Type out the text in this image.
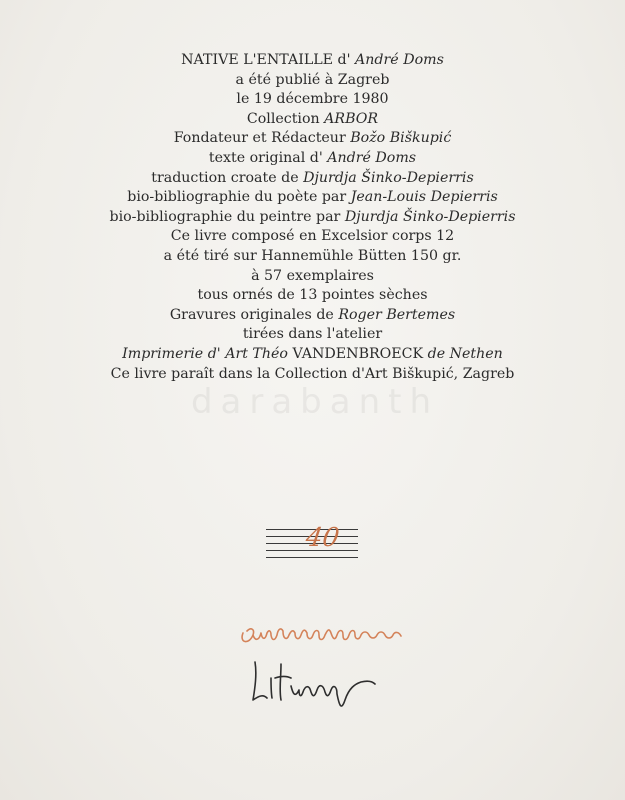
NATIVE L'ENTAILLE d' André Doms
a été publié à Zagreb
le 19 décembre 1980
Collection ARBOR
Fondateur et Rédacteur Božo Biškupić
texte original d' André Doms
traduction croate de Djurdja Šinko-Depierris
bio-bibliographie du poète par Jean-Louis Depierris
bio-bibliographie du peintre par Djurdja Šinko-Depierris
Ce livre composé en Excelsior corps 12
a été tiré sur Hannemühle Bütten 150 gr.
à 57 exemplaires
tous ornés de 13 pointes sèches
Gravures originales de Roger Bertemes
tirées dans l'atelier
Imprimerie d' Art Théo VANDENBROECK de Nethen
Ce livre paraît dans la Collection d'Art Biškupić, Zagreb
darabanth
40
